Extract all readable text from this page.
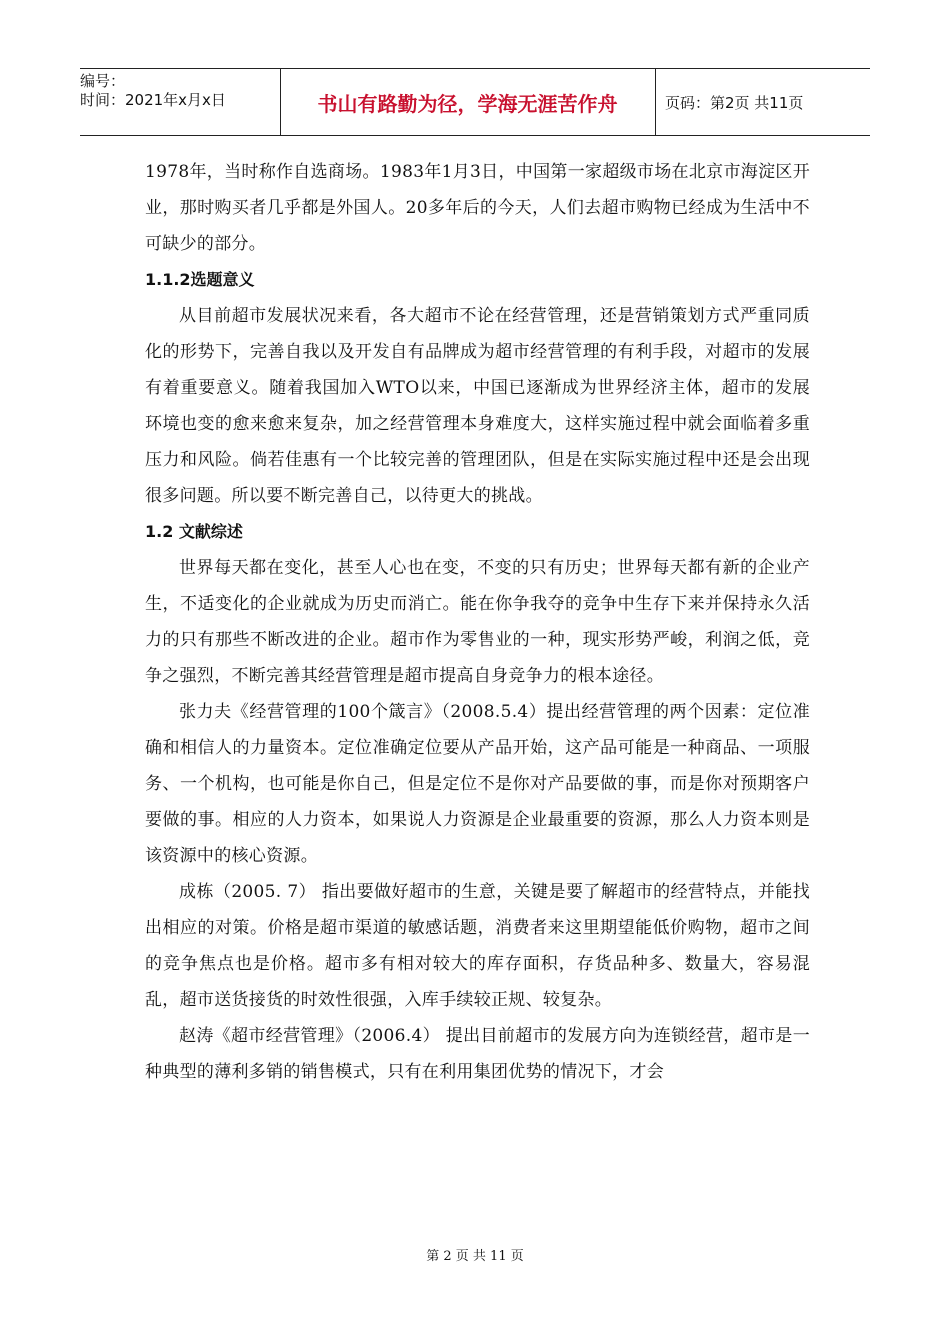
编号：
时间：2021年x月x日	书山有路勤为径，学海无涯苦作舟	页码：第2页 共11页

1978年，当时称作自选商场。1983年1月3日，中国第一家超级市场在北京市海淀区开业，那时购买者几乎都是外国人。20多年后的今天，人们去超市购物已经成为生活中不可缺少的部分。

1.1.2选题意义

从目前超市发展状况来看，各大超市不论在经营管理，还是营销策划方式严重同质化的形势下，完善自我以及开发自有品牌成为超市经营管理的有利手段，对超市的发展有着重要意义。随着我国加入WTO以来，中国已逐渐成为世界经济主体，超市的发展环境也变的愈来愈来复杂，加之经营管理本身难度大，这样实施过程中就会面临着多重压力和风险。倘若佳惠有一个比较完善的管理团队，但是在实际实施过程中还是会出现很多问题。所以要不断完善自己，以待更大的挑战。

1.2 文献综述

世界每天都在变化，甚至人心也在变，不变的只有历史；世界每天都有新的企业产生，不适变化的企业就成为历史而消亡。能在你争我夺的竞争中生存下来并保持永久活力的只有那些不断改进的企业。超市作为零售业的一种，现实形势严峻，利润之低，竞争之强烈，不断完善其经营管理是超市提高自身竞争力的根本途径。

张力夫《经营管理的100个箴言》（2008.5.4）提出经营管理的两个因素：定位准确和相信人的力量资本。定位准确定位要从产品开始，这产品可能是一种商品、一项服务、一个机构，也可能是你自己，但是定位不是你对产品要做的事，而是你对预期客户要做的事。相应的人力资本，如果说人力资源是企业最重要的资源，那么人力资本则是该资源中的核心资源。

成栋（2005. 7） 指出要做好超市的生意，关键是要了解超市的经营特点，并能找出相应的对策。价格是超市渠道的敏感话题，消费者来这里期望能低价购物，超市之间的竞争焦点也是价格。超市多有相对较大的库存面积，存货品种多、数量大，容易混乱，超市送货接货的时效性很强，入库手续较正规、较复杂。

赵涛《超市经营管理》（2006.4） 提出目前超市的发展方向为连锁经营，超市是一种典型的薄利多销的销售模式，只有在利用集团优势的情况下，才会

第 2 页 共 11 页
